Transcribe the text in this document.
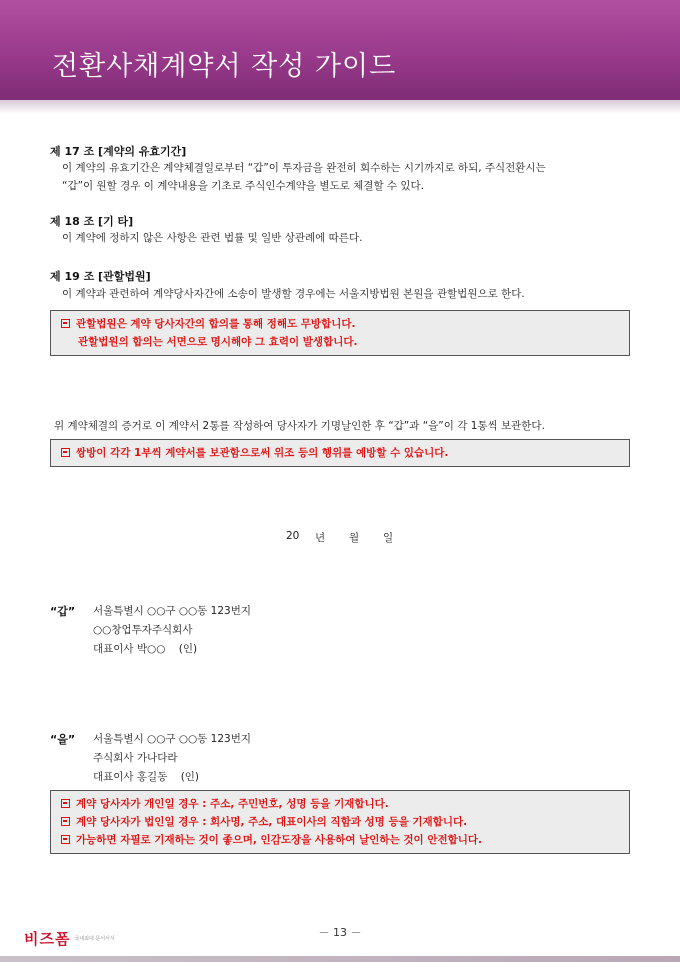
전환사채계약서 작성 가이드
제 17 조 [계약의 유효기간]
이 계약의 유효기간은 계약체결일로부터 “갑”이 투자금을 완전히 회수하는 시기까지로 하되, 주식전환시는
“갑”이 원할 경우 이 계약내용을 기초로 주식인수계약을 별도로 체결할 수 있다.
제 18 조 [기 타]
이 계약에 정하지 않은 사항은 관련 법률 및 일반 상관례에 따른다.
제 19 조 [관할법원]
이 계약과 관련하여 계약당사자간에 소송이 발생할 경우에는 서울지방법원 본원을 관할법원으로 한다.
관할법원은 계약 당사자간의 합의를 통해 정해도 무방합니다.
관할법원의 합의는 서면으로 명시해야 그 효력이 발생합니다.
위 계약체결의 증거로 이 계약서 2통를 작성하여 당사자가 기명날인한 후 “갑”과 “을”이 각 1통씩 보관한다.
쌍방이 각각 1부씩 계약서를 보관함으로써 위조 등의 행위를 예방할 수 있습니다.
20 년 월 일
“갑” 서울특별시 ○○구 ○○동 123번지
○○창업투자주식회사
대표이사 박○○    (인)
“을” 서울특별시 ○○구 ○○동 123번지
주식회사 가나다라
대표이사 홍길동    (인)
계약 당사자가 개인일 경우 : 주소, 주민번호, 성명 등을 기재합니다.
계약 당사자가 법인일 경우 : 회사명, 주소, 대표이사의 직함과 성명 등을 기재합니다.
가능하면 자필로 기재하는 것이 좋으며, 인감도장을 사용하여 날인하는 것이 안전합니다.
비즈폼 국내최대 문서서식	－ 13 －
